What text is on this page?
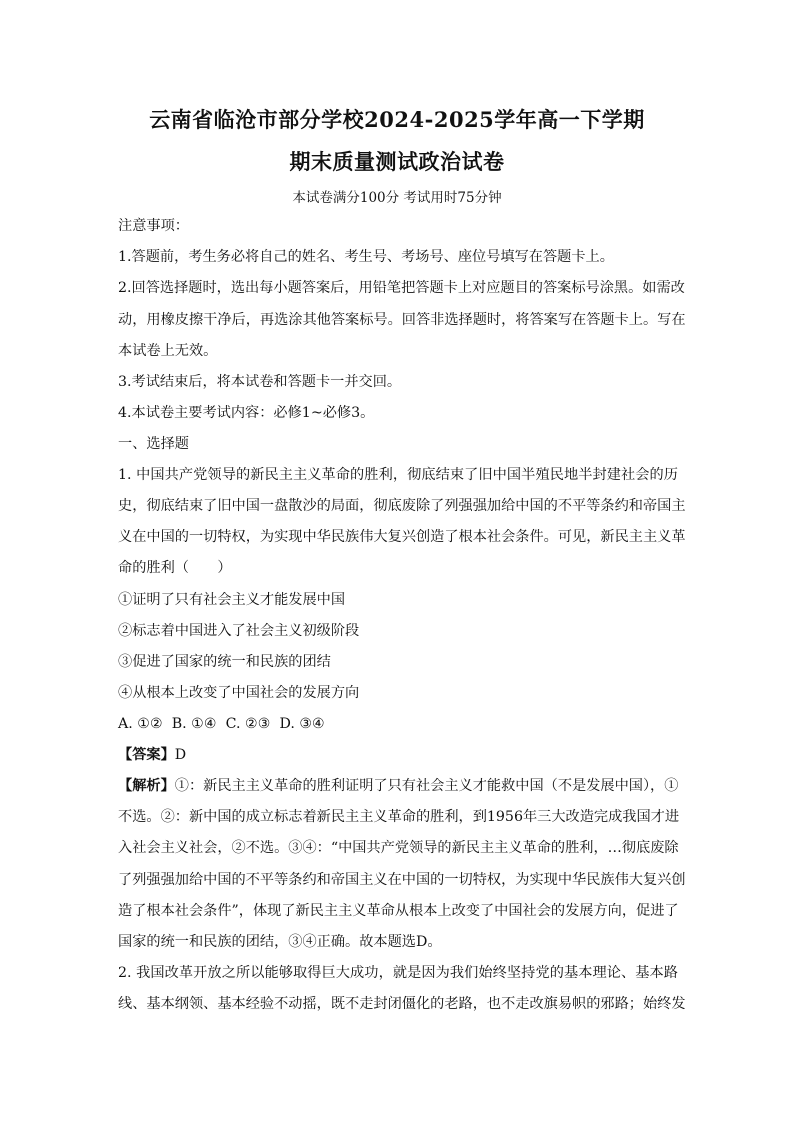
云南省临沧市部分学校2024-2025学年高一下学期
期末质量测试政治试卷
本试卷满分100分 考试用时75分钟
注意事项：
1.答题前，考生务必将自己的姓名、考生号、考场号、座位号填写在答题卡上。
2.回答选择题时，选出每小题答案后，用铅笔把答题卡上对应题目的答案标号涂黑。如需改
动，用橡皮擦干净后，再选涂其他答案标号。回答非选择题时，将答案写在答题卡上。写在
本试卷上无效。
3.考试结束后，将本试卷和答题卡一并交回。
4.本试卷主要考试内容：必修1~必修3。
一、选择题
1. 中国共产党领导的新民主主义革命的胜利，彻底结束了旧中国半殖民地半封建社会的历
史，彻底结束了旧中国一盘散沙的局面，彻底废除了列强强加给中国的不平等条约和帝国主
义在中国的一切特权，为实现中华民族伟大复兴创造了根本社会条件。可见，新民主主义革
命的胜利（　　）
①证明了只有社会主义才能发展中国
②标志着中国进入了社会主义初级阶段
③促进了国家的统一和民族的团结
④从根本上改变了中国社会的发展方向
A. ①②  B. ①④  C. ②③  D. ③④
【答案】D
【解析】①：新民主主义革命的胜利证明了只有社会主义才能救中国（不是发展中国），①
不选。②：新中国的成立标志着新民主主义革命的胜利，到1956年三大改造完成我国才进
入社会主义社会，②不选。③④：“中国共产党领导的新民主主义革命的胜利，…彻底废除
了列强强加给中国的不平等条约和帝国主义在中国的一切特权，为实现中华民族伟大复兴创
造了根本社会条件”，体现了新民主主义革命从根本上改变了中国社会的发展方向，促进了
国家的统一和民族的团结，③④正确。故本题选D。
2. 我国改革开放之所以能够取得巨大成功，就是因为我们始终坚持党的基本理论、基本路
线、基本纲领、基本经验不动摇，既不走封闭僵化的老路，也不走改旗易帜的邪路；始终发
